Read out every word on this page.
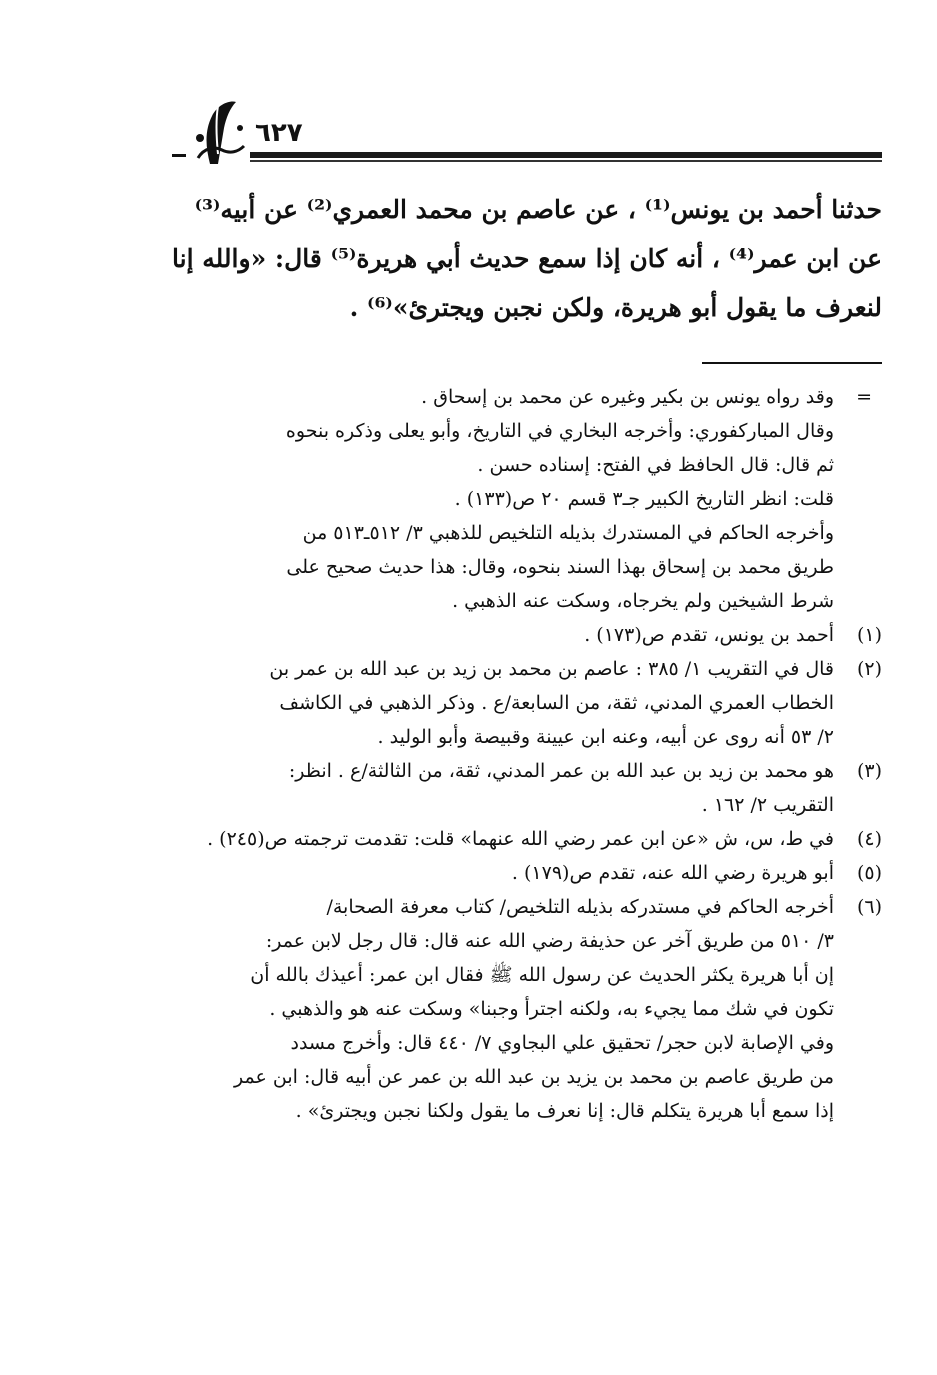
٦٢٧

حدثنا أحمد بن يونس⁽¹⁾ ، عن عاصم بن محمد العمري⁽²⁾ عن أبيه⁽³⁾

عن ابن عمر⁽⁴⁾ ، أنه كان إذا سمع حديث أبي هريرة⁽⁵⁾ قال: «والله إنا

لنعرف ما يقول أبو هريرة، ولكن نجبن ويجترئ»⁽⁶⁾ .

=

وقد رواه يونس بن بكير وغيره عن محمد بن إسحاق .

وقال المباركفوري: وأخرجه البخاري في التاريخ، وأبو يعلى وذكره بنحوه

ثم قال: قال الحافظ في الفتح: إسناده حسن .

قلت: انظر التاريخ الكبير جـ٣ قسم ٢٠ ص(١٣٣) .

وأخرجه الحاكم في المستدرك بذيله التلخيص للذهبي ٣/ ٥١٢ـ٥١٣ من

طريق محمد بن إسحاق بهذا السند بنحوه، وقال: هذا حديث صحيح على

شرط الشيخين ولم يخرجاه، وسكت عنه الذهبي .

(١)

أحمد بن يونس، تقدم ص(١٧٣) .

(٢)

قال في التقريب ١/ ٣٨٥ : عاصم بن محمد بن زيد بن عبد الله بن عمر بن

الخطاب العمري المدني، ثقة، من السابعة/ع . وذكر الذهبي في الكاشف

٢/ ٥٣ أنه روى عن أبيه، وعنه ابن عيينة وقبيصة وأبو الوليد .

(٣)

هو محمد بن زيد بن عبد الله بن عمر المدني، ثقة، من الثالثة/ع . انظر:

التقريب ٢/ ١٦٢ .

(٤)

في ط، س، ش «عن ابن عمر رضي الله عنهما» قلت: تقدمت ترجمته ص(٢٤٥) .

(٥)

أبو هريرة رضي الله عنه، تقدم ص(١٧٩) .

(٦)

أخرجه الحاكم في مستدركه بذيله التلخيص/ كتاب معرفة الصحابة/

٣/ ٥١٠ من طريق آخر عن حذيفة رضي الله عنه قال: قال رجل لابن عمر:

إن أبا هريرة يكثر الحديث عن رسول الله ﷺ فقال ابن عمر: أعيذك بالله أن

تكون في شك مما يجيء به، ولكنه اجترأ وجبنا» وسكت عنه هو والذهبي .

وفي الإصابة لابن حجر/ تحقيق علي البجاوي ٧/ ٤٤٠ قال: وأخرج مسدد

من طريق عاصم بن محمد بن يزيد بن عبد الله بن عمر عن أبيه قال: ابن عمر

إذا سمع أبا هريرة يتكلم قال: إنا نعرف ما يقول ولكنا نجبن ويجترئ» .
